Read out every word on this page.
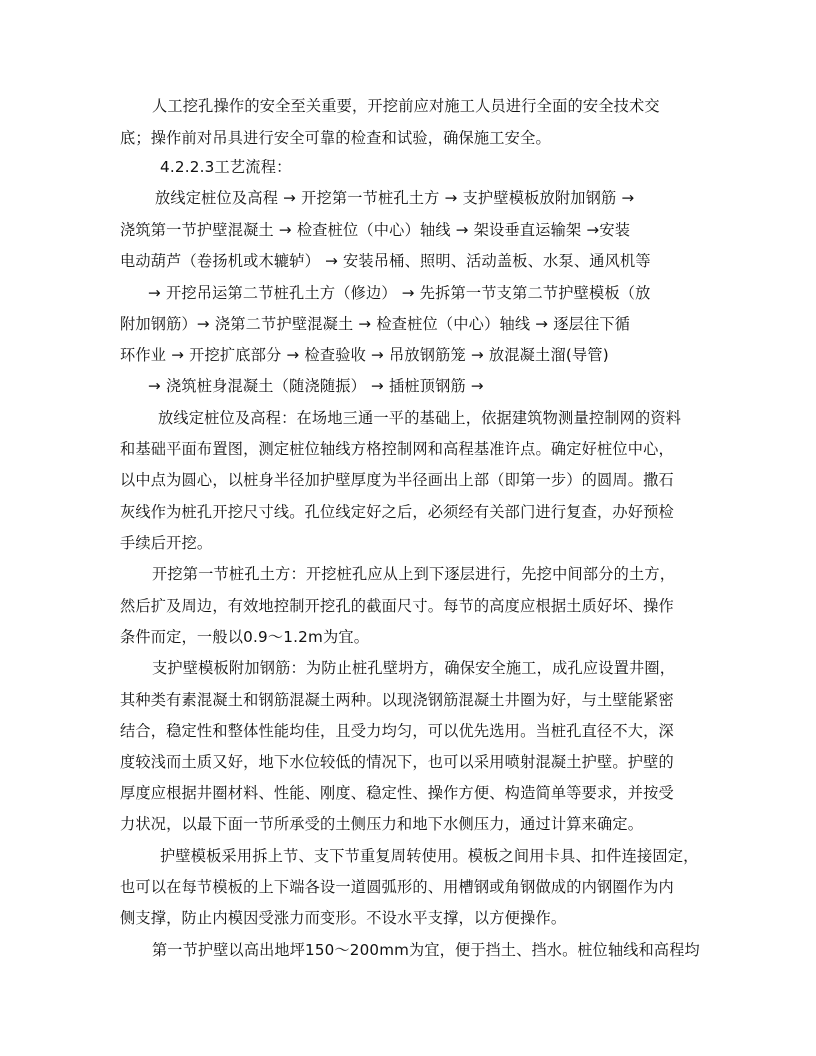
人工挖孔操作的安全至关重要，开挖前应对施工人员进行全面的安全技术交
底；操作前对吊具进行安全可靠的检查和试验，确保施工安全。
4.2.2.3工艺流程：
放线定桩位及高程 → 开挖第一节桩孔土方 → 支护壁模板放附加钢筋 →
浇筑第一节护壁混凝土 → 检查桩位（中心）轴线 → 架设垂直运输架 →安装
电动葫芦（卷扬机或木辘轳） → 安装吊桶、照明、活动盖板、水泵、通风机等
→ 开挖吊运第二节桩孔土方（修边） → 先拆第一节支第二节护壁模板（放
附加钢筋）→ 浇第二节护壁混凝土 → 检查桩位（中心）轴线 → 逐层往下循
环作业 → 开挖扩底部分 → 检查验收 → 吊放钢筋笼 → 放混凝土溜(导管)
→ 浇筑桩身混凝土（随浇随振） → 插桩顶钢筋 →
放线定桩位及高程：在场地三通一平的基础上，依据建筑物测量控制网的资料
和基础平面布置图，测定桩位轴线方格控制网和高程基准许点。确定好桩位中心，
以中点为圆心，以桩身半径加护壁厚度为半径画出上部（即第一步）的圆周。撒石
灰线作为桩孔开挖尺寸线。孔位线定好之后，必须经有关部门进行复查，办好预检
手续后开挖。
开挖第一节桩孔土方：开挖桩孔应从上到下逐层进行，先挖中间部分的土方，
然后扩及周边，有效地控制开挖孔的截面尺寸。每节的高度应根据土质好坏、操作
条件而定，一般以0.9～1.2m为宜。
支护壁模板附加钢筋：为防止桩孔壁坍方，确保安全施工，成孔应设置井圈，
其种类有素混凝土和钢筋混凝土两种。以现浇钢筋混凝土井圈为好，与土壁能紧密
结合，稳定性和整体性能均佳，且受力均匀，可以优先选用。当桩孔直径不大，深
度较浅而土质又好，地下水位较低的情况下，也可以采用喷射混凝土护壁。护壁的
厚度应根据井圈材料、性能、刚度、稳定性、操作方便、构造简单等要求，并按受
力状况，以最下面一节所承受的土侧压力和地下水侧压力，通过计算来确定。
护壁模板采用拆上节、支下节重复周转使用。模板之间用卡具、扣件连接固定，
也可以在每节模板的上下端各设一道圆弧形的、用槽钢或角钢做成的内钢圈作为内
侧支撑，防止内模因受涨力而变形。不设水平支撑，以方便操作。
第一节护壁以高出地坪150～200mm为宜，便于挡土、挡水。桩位轴线和高程均
